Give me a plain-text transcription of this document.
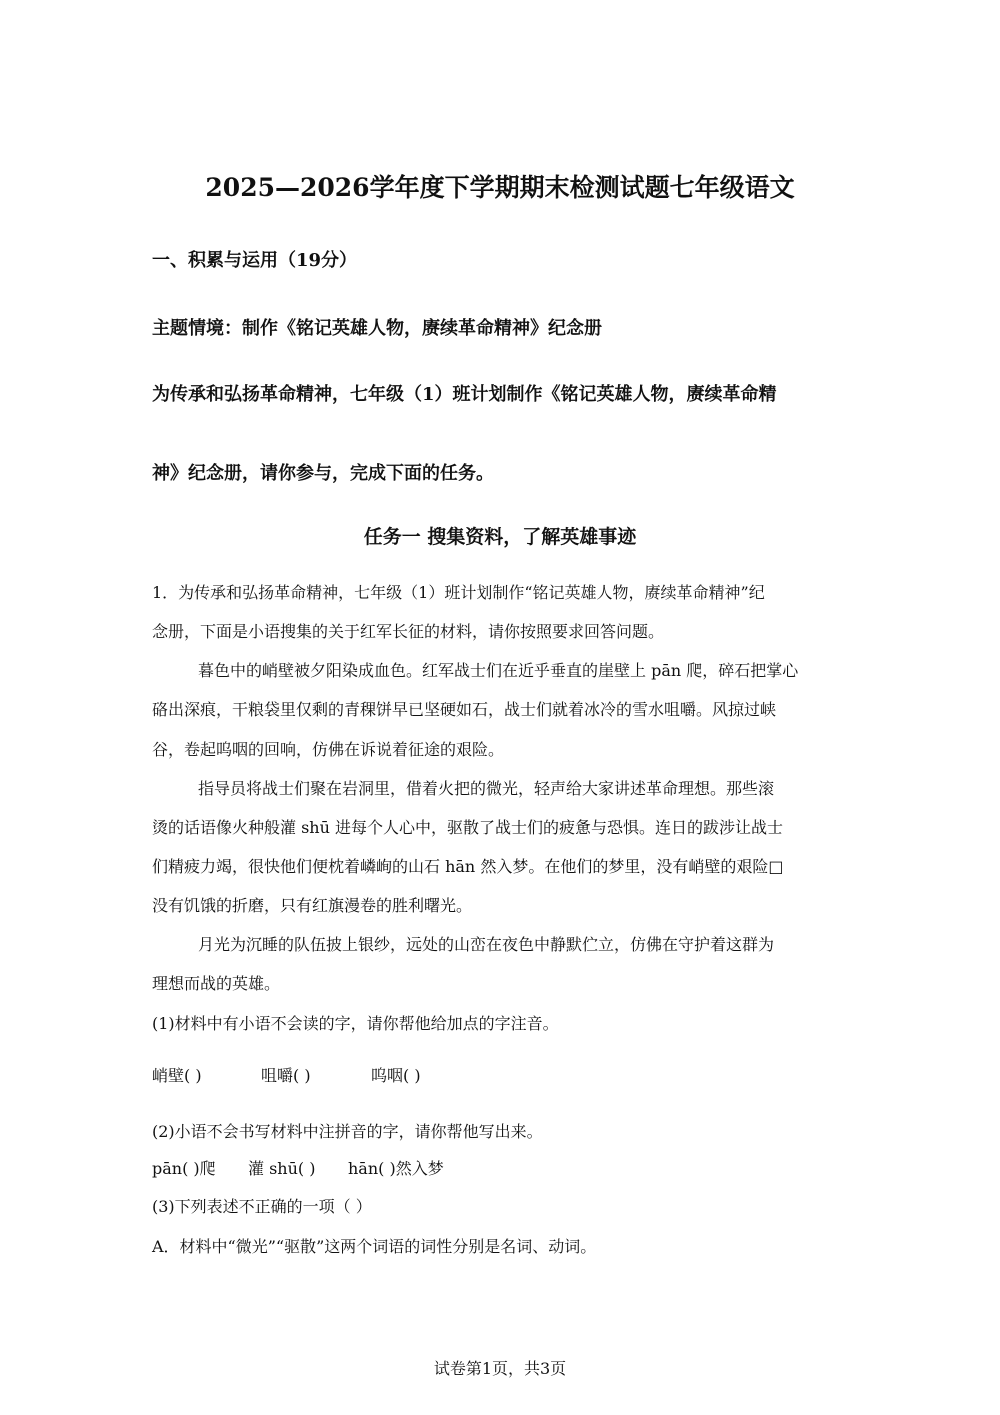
2025—2026学年度下学期期末检测试题七年级语文
一、积累与运用（19分）
主题情境：制作《铭记英雄人物，赓续革命精神》纪念册
为传承和弘扬革命精神，七年级（1）班计划制作《铭记英雄人物，赓续革命精
神》纪念册，请你参与，完成下面的任务。
任务一 搜集资料，了解英雄事迹
1．为传承和弘扬革命精神，七年级（1）班计划制作“铭记英雄人物，赓续革命精神”纪
念册，下面是小语搜集的关于红军长征的材料，请你按照要求回答问题。
暮色中的峭壁被夕阳染成血色。红军战士们在近乎垂直的崖壁上 pān 爬，碎石把掌心
硌出深痕，干粮袋里仅剩的青稞饼早已坚硬如石，战士们就着冰冷的雪水咀嚼。风掠过峡
谷，卷起呜咽的回响，仿佛在诉说着征途的艰险。
指导员将战士们聚在岩洞里，借着火把的微光，轻声给大家讲述革命理想。那些滚
烫的话语像火种般灌 shū 进每个人心中，驱散了战士们的疲惫与恐惧。连日的跋涉让战士
们精疲力竭，很快他们便枕着嶙峋的山石 hān 然入梦。在他们的梦里，没有峭壁的艰险□
没有饥饿的折磨，只有红旗漫卷的胜利曙光。
月光为沉睡的队伍披上银纱，远处的山峦在夜色中静默伫立，仿佛在守护着这群为
理想而战的英雄。
(1)材料中有小语不会读的字，请你帮他给加点的字注音。
峭壁( )	咀嚼( )	呜咽( )
(2)小语不会书写材料中注拼音的字，请你帮他写出来。
pān( )爬 灌 shū( ) hān( )然入梦
(3)下列表述不正确的一项（ ）
A．材料中“微光”“驱散”这两个词语的词性分别是名词、动词。
试卷第1页，共3页
